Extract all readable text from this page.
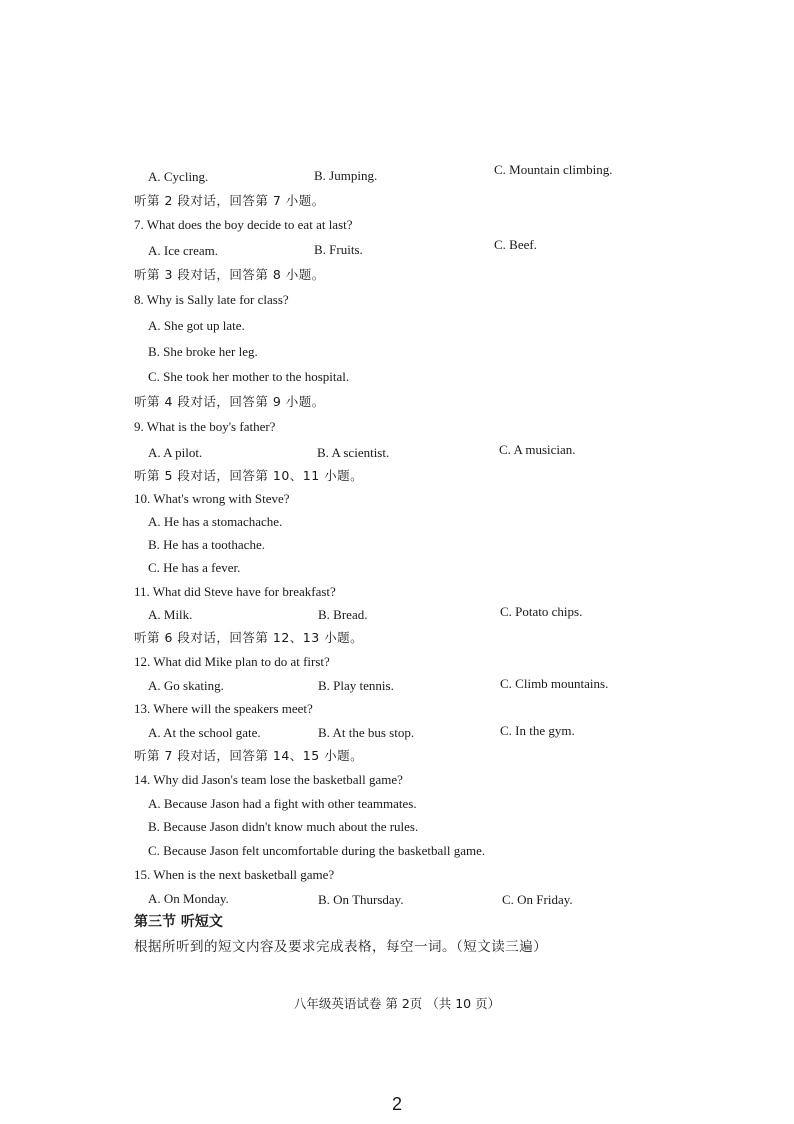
A. Cycling.	B. Jumping.	C. Mountain climbing.
听第 2 段对话，回答第 7 小题。
7. What does the boy decide to eat at last?
A. Ice cream.	B. Fruits.	C. Beef.
听第 3 段对话，回答第 8 小题。
8. Why is Sally late for class?
A. She got up late.
B. She broke her leg.
C. She took her mother to the hospital.
听第 4 段对话，回答第 9 小题。
9. What is the boy's father?
A. A pilot.	B. A scientist.	C. A musician.
听第 5 段对话，回答第 10、11 小题。
10. What's wrong with Steve?
A. He has a stomachache.
B. He has a toothache.
C. He has a fever.
11. What did Steve have for breakfast?
A. Milk.	B. Bread.	C. Potato chips.
听第 6 段对话，回答第 12、13 小题。
12. What did Mike plan to do at first?
A. Go skating.	B. Play tennis.	C. Climb mountains.
13. Where will the speakers meet?
A. At the school gate.	B. At the bus stop.	C. In the gym.
听第 7 段对话，回答第 14、15 小题。
14. Why did Jason's team lose the basketball game?
A. Because Jason had a fight with other teammates.
B. Because Jason didn't know much about the rules.
C. Because Jason felt uncomfortable during the basketball game.
15. When is the next basketball game?
A. On Monday.	B. On Thursday.	C. On Friday.
第三节 听短文
根据所听到的短文内容及要求完成表格，每空一词。（短文读三遍）
八年级英语试卷 第 2页 （共 10 页）
2
